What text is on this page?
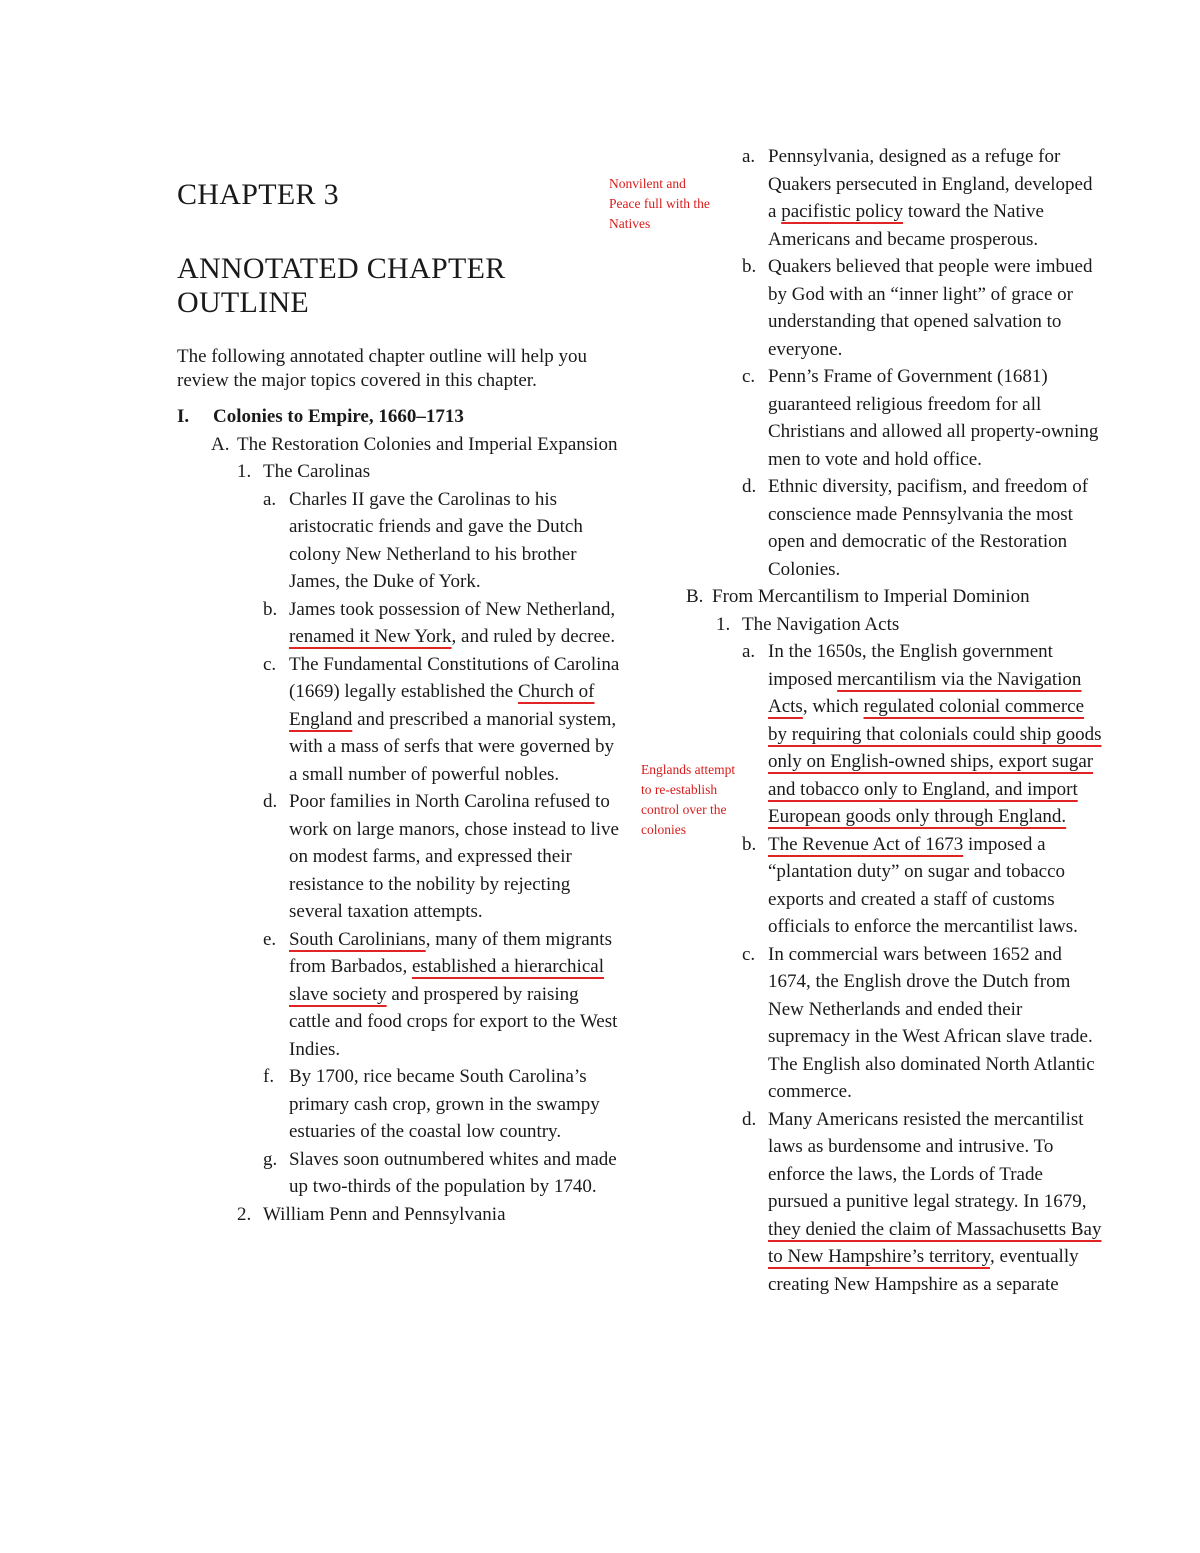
CHAPTER 3
ANNOTATED CHAPTER
OUTLINE
The following annotated chapter outline will help you review the major topics covered in this chapter.
I. Colonies to Empire, 1660–1713
A. The Restoration Colonies and Imperial Expansion
1. The Carolinas
a. Charles II gave the Carolinas to his aristocratic friends and gave the Dutch colony New Netherland to his brother James, the Duke of York.
b. James took possession of New Netherland, renamed it New York, and ruled by decree.
c. The Fundamental Constitutions of Carolina (1669) legally established the Church of England and prescribed a manorial system, with a mass of serfs that were governed by a small number of powerful nobles.
d. Poor families in North Carolina refused to work on large manors, chose instead to live on modest farms, and expressed their resistance to the nobility by rejecting several taxation attempts.
e. South Carolinians, many of them migrants from Barbados, established a hierarchical slave society and prospered by raising cattle and food crops for export to the West Indies.
f. By 1700, rice became South Carolina’s primary cash crop, grown in the swampy estuaries of the coastal low country.
g. Slaves soon outnumbered whites and made up two-thirds of the population by 1740.
2. William Penn and Pennsylvania
Nonvilent and
Peace full with the
Natives
Englands attempt
to re-establish
control over the
colonies
a. Pennsylvania, designed as a refuge for Quakers persecuted in England, developed a pacifistic policy toward the Native Americans and became prosperous.
b. Quakers believed that people were imbued by God with an “inner light” of grace or understanding that opened salvation to everyone.
c. Penn’s Frame of Government (1681) guaranteed religious freedom for all Christians and allowed all property-owning men to vote and hold office.
d. Ethnic diversity, pacifism, and freedom of conscience made Pennsylvania the most open and democratic of the Restoration Colonies.
B. From Mercantilism to Imperial Dominion
1. The Navigation Acts
a. In the 1650s, the English government imposed mercantilism via the Navigation Acts, which regulated colonial commerce by requiring that colonials could ship goods only on English-owned ships, export sugar and tobacco only to England, and import European goods only through England.
b. The Revenue Act of 1673 imposed a “plantation duty” on sugar and tobacco exports and created a staff of customs officials to enforce the mercantilist laws.
c. In commercial wars between 1652 and 1674, the English drove the Dutch from New Netherlands and ended their supremacy in the West African slave trade. The English also dominated North Atlantic commerce.
d. Many Americans resisted the mercantilist laws as burdensome and intrusive. To enforce the laws, the Lords of Trade pursued a punitive legal strategy. In 1679, they denied the claim of Massachusetts Bay to New Hampshire’s territory, eventually creating New Hampshire as a separate
